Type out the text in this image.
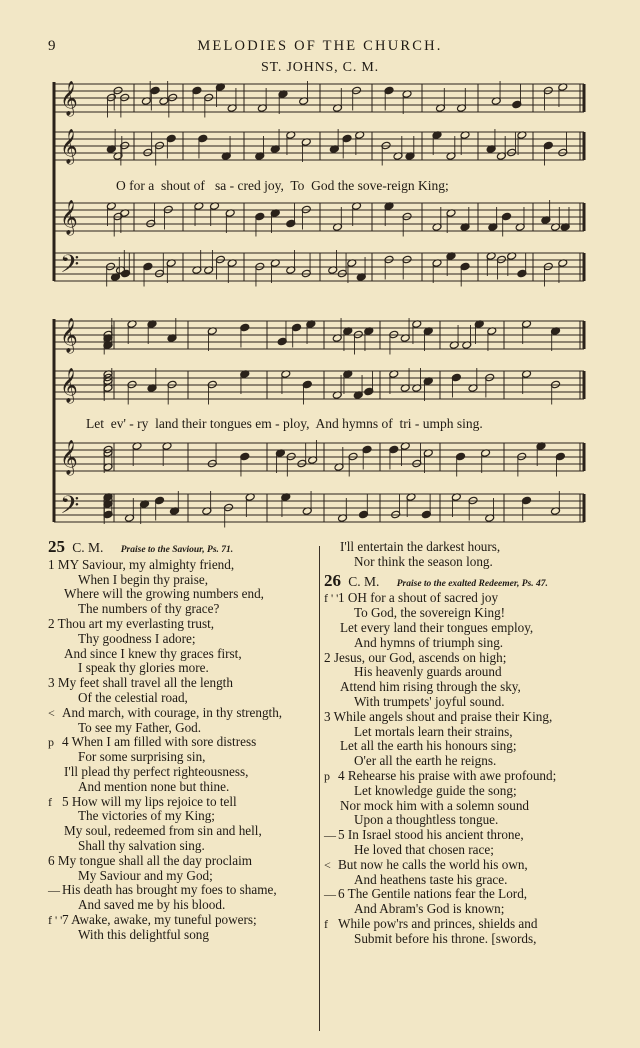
9	MELODIES OF THE CHURCH.
ST. JOHNS, C. M.
𝄞
𝄞
𝄞
𝄢
𝄞
𝄞
𝄞
𝄢
O for a  shout of   sa - cred joy,  To  God the sove-reign King;
Let  ev' - ry  land their tongues em - ploy,  And hymns of  tri - umph sing.
25 C. M. Praise to the Saviour, Ps. 71.
1 MY Saviour, my almighty friend,
When I begin thy praise,
Where will the growing numbers end,
The numbers of thy grace?
2 Thou art my everlasting trust,
Thy goodness I adore;
And since I knew thy graces first,
I speak thy glories more.
3 My feet shall travel all the length
Of the celestial road,
< And march, with courage, in thy strength,
To see my Father, God.
p 4 When I am filled with sore distress
For some surprising sin,
I'll plead thy perfect righteousness,
And mention none but thine.
f 5 How will my lips rejoice to tell
The victories of my King;
My soul, redeemed from sin and hell,
Shall thy salvation sing.
6 My tongue shall all the day proclaim
My Saviour and my God;
— His death has brought my foes to shame,
And saved me by his blood.
f ' '7 Awake, awake, my tuneful powers;
With this delightful song
I'll entertain the darkest hours,
Nor think the season long.
26 C. M. Praise to the exalted Redeemer, Ps. 47.
f ' '1 OH for a shout of sacred joy
To God, the sovereign King!
Let every land their tongues employ,
And hymns of triumph sing.
2 Jesus, our God, ascends on high;
His heavenly guards around
Attend him rising through the sky,
With trumpets' joyful sound.
3 While angels shout and praise their King,
Let mortals learn their strains,
Let all the earth his honours sing;
O'er all the earth he reigns.
p 4 Rehearse his praise with awe profound;
Let knowledge guide the song;
Nor mock him with a solemn sound
Upon a thoughtless tongue.
— 5 In Israel stood his ancient throne,
He loved that chosen race;
< But now he calls the world his own,
And heathens taste his grace.
— 6 The Gentile nations fear the Lord,
And Abram's God is known;
f While pow'rs and princes, shields and
Submit before his throne. [swords,
